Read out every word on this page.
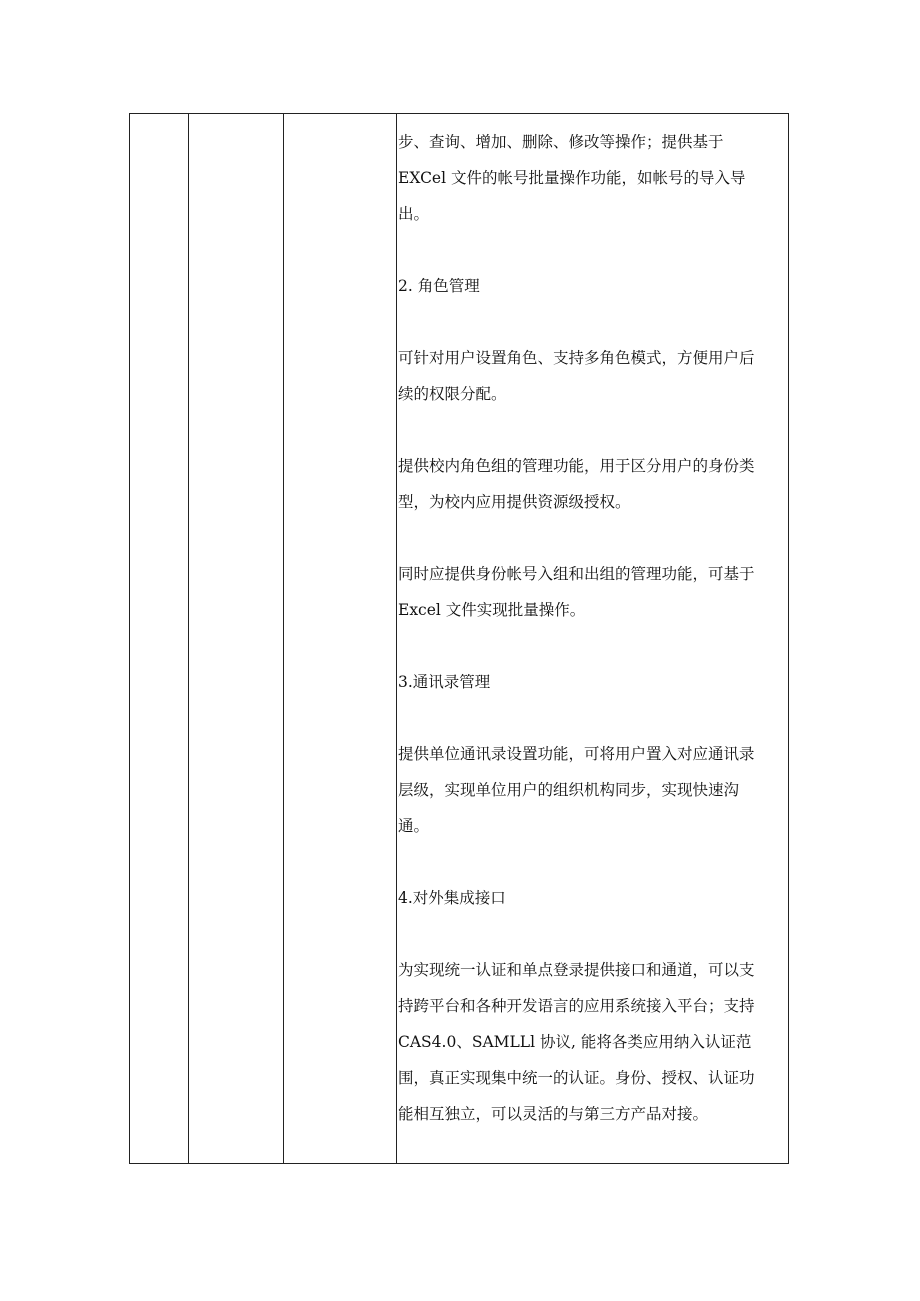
步、查询、增加、删除、修改等操作；提供基于
EXCel 文件的帐号批量操作功能，如帐号的导入导
出。

2. 角色管理

可针对用户设置角色、支持多角色模式，方便用户后
续的权限分配。

提供校内角色组的管理功能，用于区分用户的身份类
型，为校内应用提供资源级授权。

同时应提供身份帐号入组和出组的管理功能，可基于
Excel 文件实现批量操作。

3.通讯录管理

提供单位通讯录设置功能，可将用户置入对应通讯录
层级，实现单位用户的组织机构同步，实现快速沟
通。

4.对外集成接口

为实现统一认证和单点登录提供接口和通道，可以支
持跨平台和各种开发语言的应用系统接入平台；支持
CAS4.0、SAMLLl 协议, 能将各类应用纳入认证范
围，真正实现集中统一的认证。身份、授权、认证功
能相互独立，可以灵活的与第三方产品对接。
